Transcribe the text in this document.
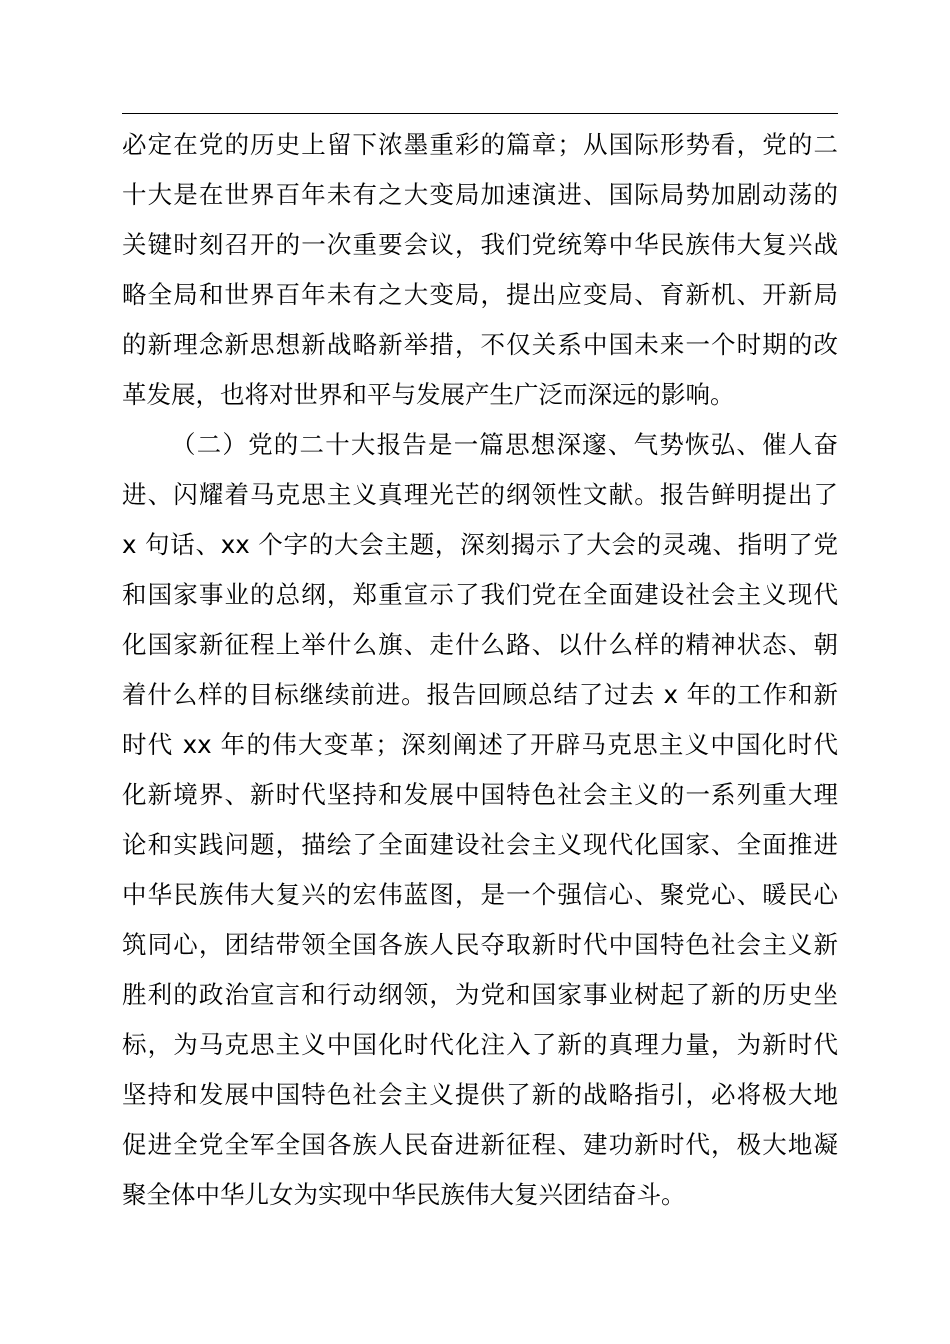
必定在党的历史上留下浓墨重彩的篇章；从国际形势看，党的二
十大是在世界百年未有之大变局加速演进、国际局势加剧动荡的
关键时刻召开的一次重要会议，我们党统筹中华民族伟大复兴战
略全局和世界百年未有之大变局，提出应变局、育新机、开新局
的新理念新思想新战略新举措，不仅关系中国未来一个时期的改
革发展，也将对世界和平与发展产生广泛而深远的影响。
（二）党的二十大报告是一篇思想深邃、气势恢弘、催人奋
进、闪耀着马克思主义真理光芒的纲领性文献。报告鲜明提出了
x 句话、xx 个字的大会主题，深刻揭示了大会的灵魂、指明了党
和国家事业的总纲，郑重宣示了我们党在全面建设社会主义现代
化国家新征程上举什么旗、走什么路、以什么样的精神状态、朝
着什么样的目标继续前进。报告回顾总结了过去 x 年的工作和新
时代 xx 年的伟大变革；深刻阐述了开辟马克思主义中国化时代
化新境界、新时代坚持和发展中国特色社会主义的一系列重大理
论和实践问题，描绘了全面建设社会主义现代化国家、全面推进
中华民族伟大复兴的宏伟蓝图，是一个强信心、聚党心、暖民心
筑同心，团结带领全国各族人民夺取新时代中国特色社会主义新
胜利的政治宣言和行动纲领，为党和国家事业树起了新的历史坐
标，为马克思主义中国化时代化注入了新的真理力量，为新时代
坚持和发展中国特色社会主义提供了新的战略指引，必将极大地
促进全党全军全国各族人民奋进新征程、建功新时代，极大地凝
聚全体中华儿女为实现中华民族伟大复兴团结奋斗。
